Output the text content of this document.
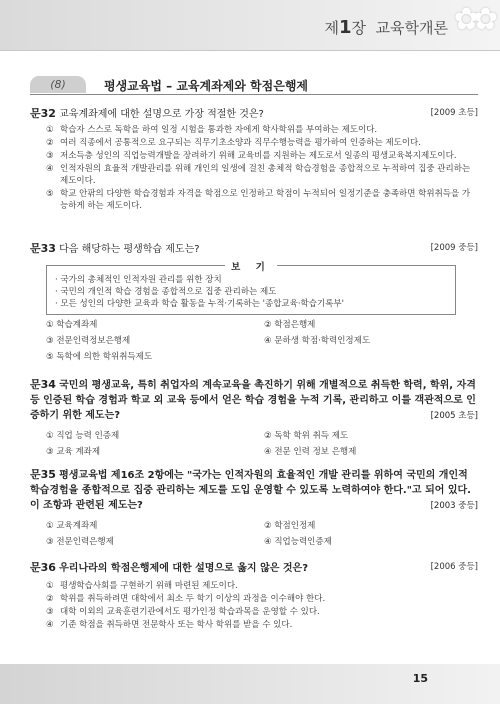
제1장 교육학개론 ✿✿
(8)	평생교육법 – 교육계좌제와 학점은행제
문32 교육계좌제에 대한 설명으로 가장 적절한 것은?	[2009 초등]
① 학습자 스스로 독학을 하여 일정 시험을 통과한 자에게 학사학위를 부여하는 제도이다.
② 여러 직종에서 공통적으로 요구되는 직무기초소양과 직무수행능력을 평가하여 인증하는 제도이다.
③ 저소득층 성인의 직업능력개발을 장려하기 위해 교육비를 지원하는 제도로서 일종의 평생교육복지제도이다.
④ 인적자원의 효율적 개발관리를 위해 개인의 일생에 걸친 총체적 학습경험을 종합적으로 누적하여 집중 관리하는 제도이다.
⑤ 학교 안팎의 다양한 학습경험과 자격을 학점으로 인정하고 학점이 누적되어 일정기준을 충족하면 학위취득을 가능하게 하는 제도이다.
문33 다음 해당하는 평생학습 제도는?	[2009 중등]
보 기
· 국가의 총체적인 인적자원 관리를 위한 장치
· 국민의 개인적 학습 경험을 종합적으로 집중 관리하는 제도
· 모든 성인의 다양한 교육과 학습 활동을 누적·기록하는 '종합교육·학습기록부'
① 학습계좌제	② 학점은행제
③ 전문인력정보은행제	④ 문하생 학점·학력인정제도
⑤ 독학에 의한 학위취득제도
문34 국민의 평생교육, 특히 취업자의 계속교육을 촉진하기 위해 개별적으로 취득한 학력, 학위, 자격 등 인증된 학습 경험과 학교 외 교육 등에서 얻은 학습 경험을 누적 기록, 관리하고 이를 객관적으로 인증하기 위한 제도는?	[2005 초등]
① 직업 능력 인증제	② 독학 학위 취득 제도
③ 교육 계좌제	④ 전문 인력 정보 은행제
문35 평생교육법 제16조 2항에는 "국가는 인적자원의 효율적인 개발 관리를 위하여 국민의 개인적 학습경험을 종합적으로 집중 관리하는 제도를 도입 운영할 수 있도록 노력하여야 한다."고 되어 있다. 이 조항과 관련된 제도는?	[2003 중등]
① 교육계좌제	② 학점인정제
③ 전문인력은행제	④ 직업능력인증제
문36 우리나라의 학점은행제에 대한 설명으로 옳지 않은 것은?	[2006 중등]
① 평생학습사회를 구현하기 위해 마련된 제도이다.
② 학위를 취득하려면 대학에서 최소 두 학기 이상의 과정을 이수해야 한다.
③ 대학 이외의 교육훈련기관에서도 평가인정 학습과목을 운영할 수 있다.
④ 기준 학점을 취득하면 전문학사 또는 학사 학위를 받을 수 있다.
15
